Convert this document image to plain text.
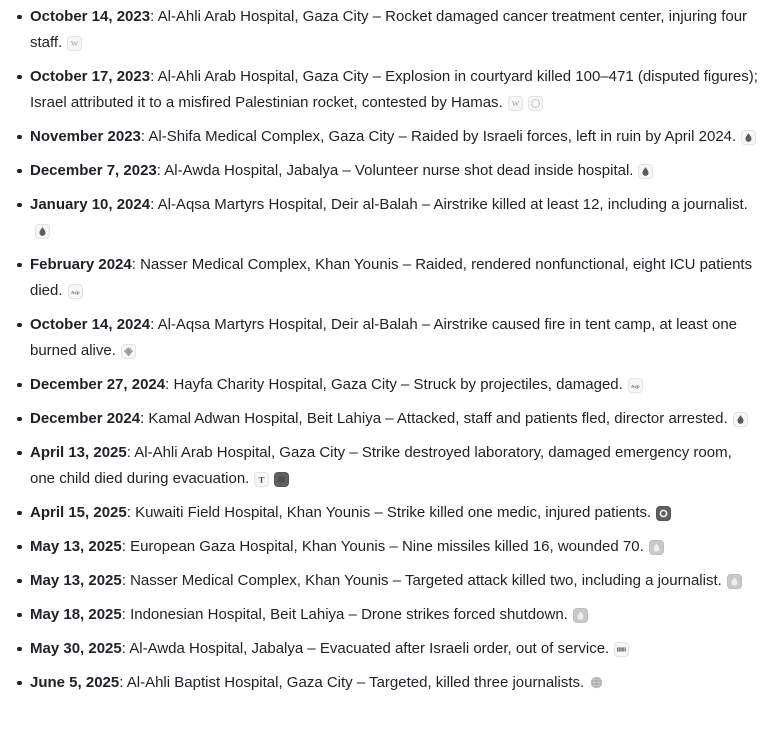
October 14, 2023: Al-Ahli Arab Hospital, Gaza City – Rocket damaged cancer treatment center, injuring four staff. W
October 17, 2023: Al-Ahli Arab Hospital, Gaza City – Explosion in courtyard killed 100–471 (disputed figures); Israel attributed it to a misfired Palestinian rocket, contested by Hamas. W
November 2023: Al-Shifa Medical Complex, Gaza City – Raided by Israeli forces, left in ruin by April 2024.
December 7, 2023: Al-Awda Hospital, Jabalya – Volunteer nurse shot dead inside hospital.
January 10, 2024: Al-Aqsa Martyrs Hospital, Deir al-Balah – Airstrike killed at least 12, including a journalist.
February 2024: Nasser Medical Complex, Khan Younis – Raided, rendered nonfunctional, eight ICU patients died. twp
October 14, 2024: Al-Aqsa Martyrs Hospital, Deir al-Balah – Airstrike caused fire in tent camp, at least one burned alive.
December 27, 2024: Hayfa Charity Hospital, Gaza City – Struck by projectiles, damaged. twp
December 2024: Kamal Adwan Hospital, Beit Lahiya – Attacked, staff and patients fled, director arrested.
April 13, 2025: Al-Ahli Arab Hospital, Gaza City – Strike destroyed laboratory, damaged emergency room, one child died during evacuation. T
April 15, 2025: Kuwaiti Field Hospital, Khan Younis – Strike killed one medic, injured patients.
May 13, 2025: European Gaza Hospital, Khan Younis – Nine missiles killed 16, wounded 70.
May 13, 2025: Nasser Medical Complex, Khan Younis – Targeted attack killed two, including a journalist.
May 18, 2025: Indonesian Hospital, Beit Lahiya – Drone strikes forced shutdown.
May 30, 2025: Al-Awda Hospital, Jabalya – Evacuated after Israeli order, out of service.
June 5, 2025: Al-Ahli Baptist Hospital, Gaza City – Targeted, killed three journalists.
